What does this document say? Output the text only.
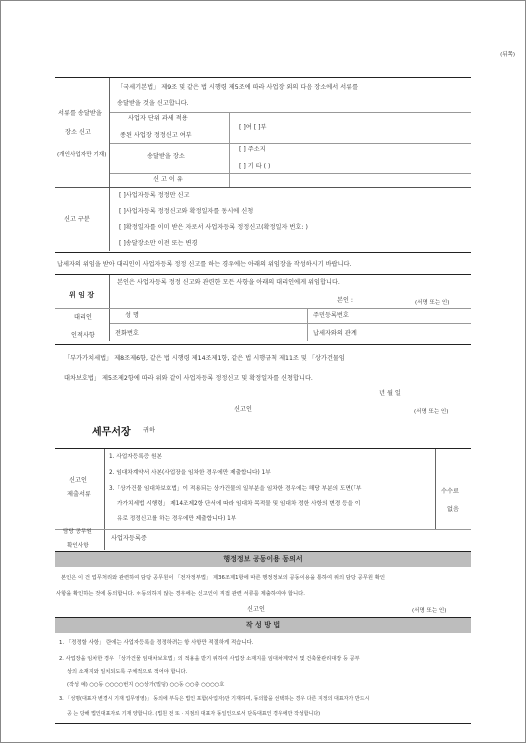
(뒤쪽)
서류를 송달받을
장소 신고
(개인사업자만 기재)
「국세기본법」 제9조 및 같은 법 시행령 제5조에 따라 사업장 외의 다음 장소에서 서류를
송달받을 것을 신고합니다.
사업자 단위 과세 적용
종된 사업장 정정신고 여부
[ ]여 [ ]부
송달받을 장소
[ ] 주소지
[ ] 기 타 ( )
신 고 이 유
신고 구분
[ ]사업자등록 정정만 신고
[ ]사업자등록 정정신고와 확정일자를 동시에 신청
[ ]확정일자를 이미 받은 자로서 사업자등록 정정신고(확정일자 번호: )
[ ]송달장소만 이전 또는 변경
납세자의 위임을 받아 대리인이 사업자등록 정정 신고를 하는 경우에는 아래의 위임장을 작성하시기 바랍니다.
위 임 장
본인은 사업자등록 정정 신고와 관련한 모든 사항을 아래의 대리인에게 위임합니다.
본인 :	(서명 또는 인)
대리인
인적사항
성 명	주민등록번호
전화번호	납세자와의 관계
「부가가치세법」 제8조제6항, 같은 법 시행령 제14조제1항, 같은 법 시행규칙 제11조 및 「상가건물임
대차보호법」 제5조제2항에 따라 위와 같이 사업자등록 정정신고 및 확정일자를 신청합니다.
년 월 일
신고인	(서명 또는 인)
세무서장 귀하
신고인
제출서류
1. 사업자등록증 원본
2. 임대차계약서 사본(사업장을 임차한 경우에만 제출합니다) 1부
3.「상가건물 임대차보호법」이 적용되는 상가건물의 일부분을 임차한 경우에는 해당 부분의 도면(「부
가가치세법 시행령」 제14조제2항 단서에 따라 임대차 목적물 및 임대차 정한 사항의 변경 등을 이
유로 정정신고를 하는 경우에만 제출합니다) 1부
수수료
없음
담당 공무원
확인사항
사업자등록증
행정정보 공동이용 동의서
본인은 이 건 업무처리와 관련하여 담당 공무원이 「전자정부법」 제36조제1항에 따른 행정정보의 공동이용을 통하여 위의 담당 공무원 확인
사항을 확인하는 것에 동의합니다. ＊동의하지 않는 경우에는 신고인이 직접 관련 서류를 제출하여야 합니다.
신고인	(서명 또는 인)
작 성 방 법
1. 「정정할 사항」 란에는 사업자등록을 정정하려는 항 사항만 적절하게 적습니다.
2. 사업장을 임차한 경우 「상가건물 임대차보호법」의 적용을 받기 위하여 사업장 소재지를 임대차계약서 및 건축물관리대장 등 공부
상의 소재지와 일치되도록 구체적으로 적어야 합니다.
(작성 예) ○○동 ○○○○번지 ○○상가(빌딩) ○○동 ○○층 ○○○○호
3. 「성명(대표자 변경시 기재 업무영영)」 동의에 부득은 법인 포함(사업자)만 기재하며, 동의함을 선택하는 경우 다른 지정의 대표자가 반드시
공 는 당해 법인대표자로 기재 양합니다. (법원 전 또 · 지점의 대표자 동일인으로서 단독대표인 경우에만 작성합니다)
